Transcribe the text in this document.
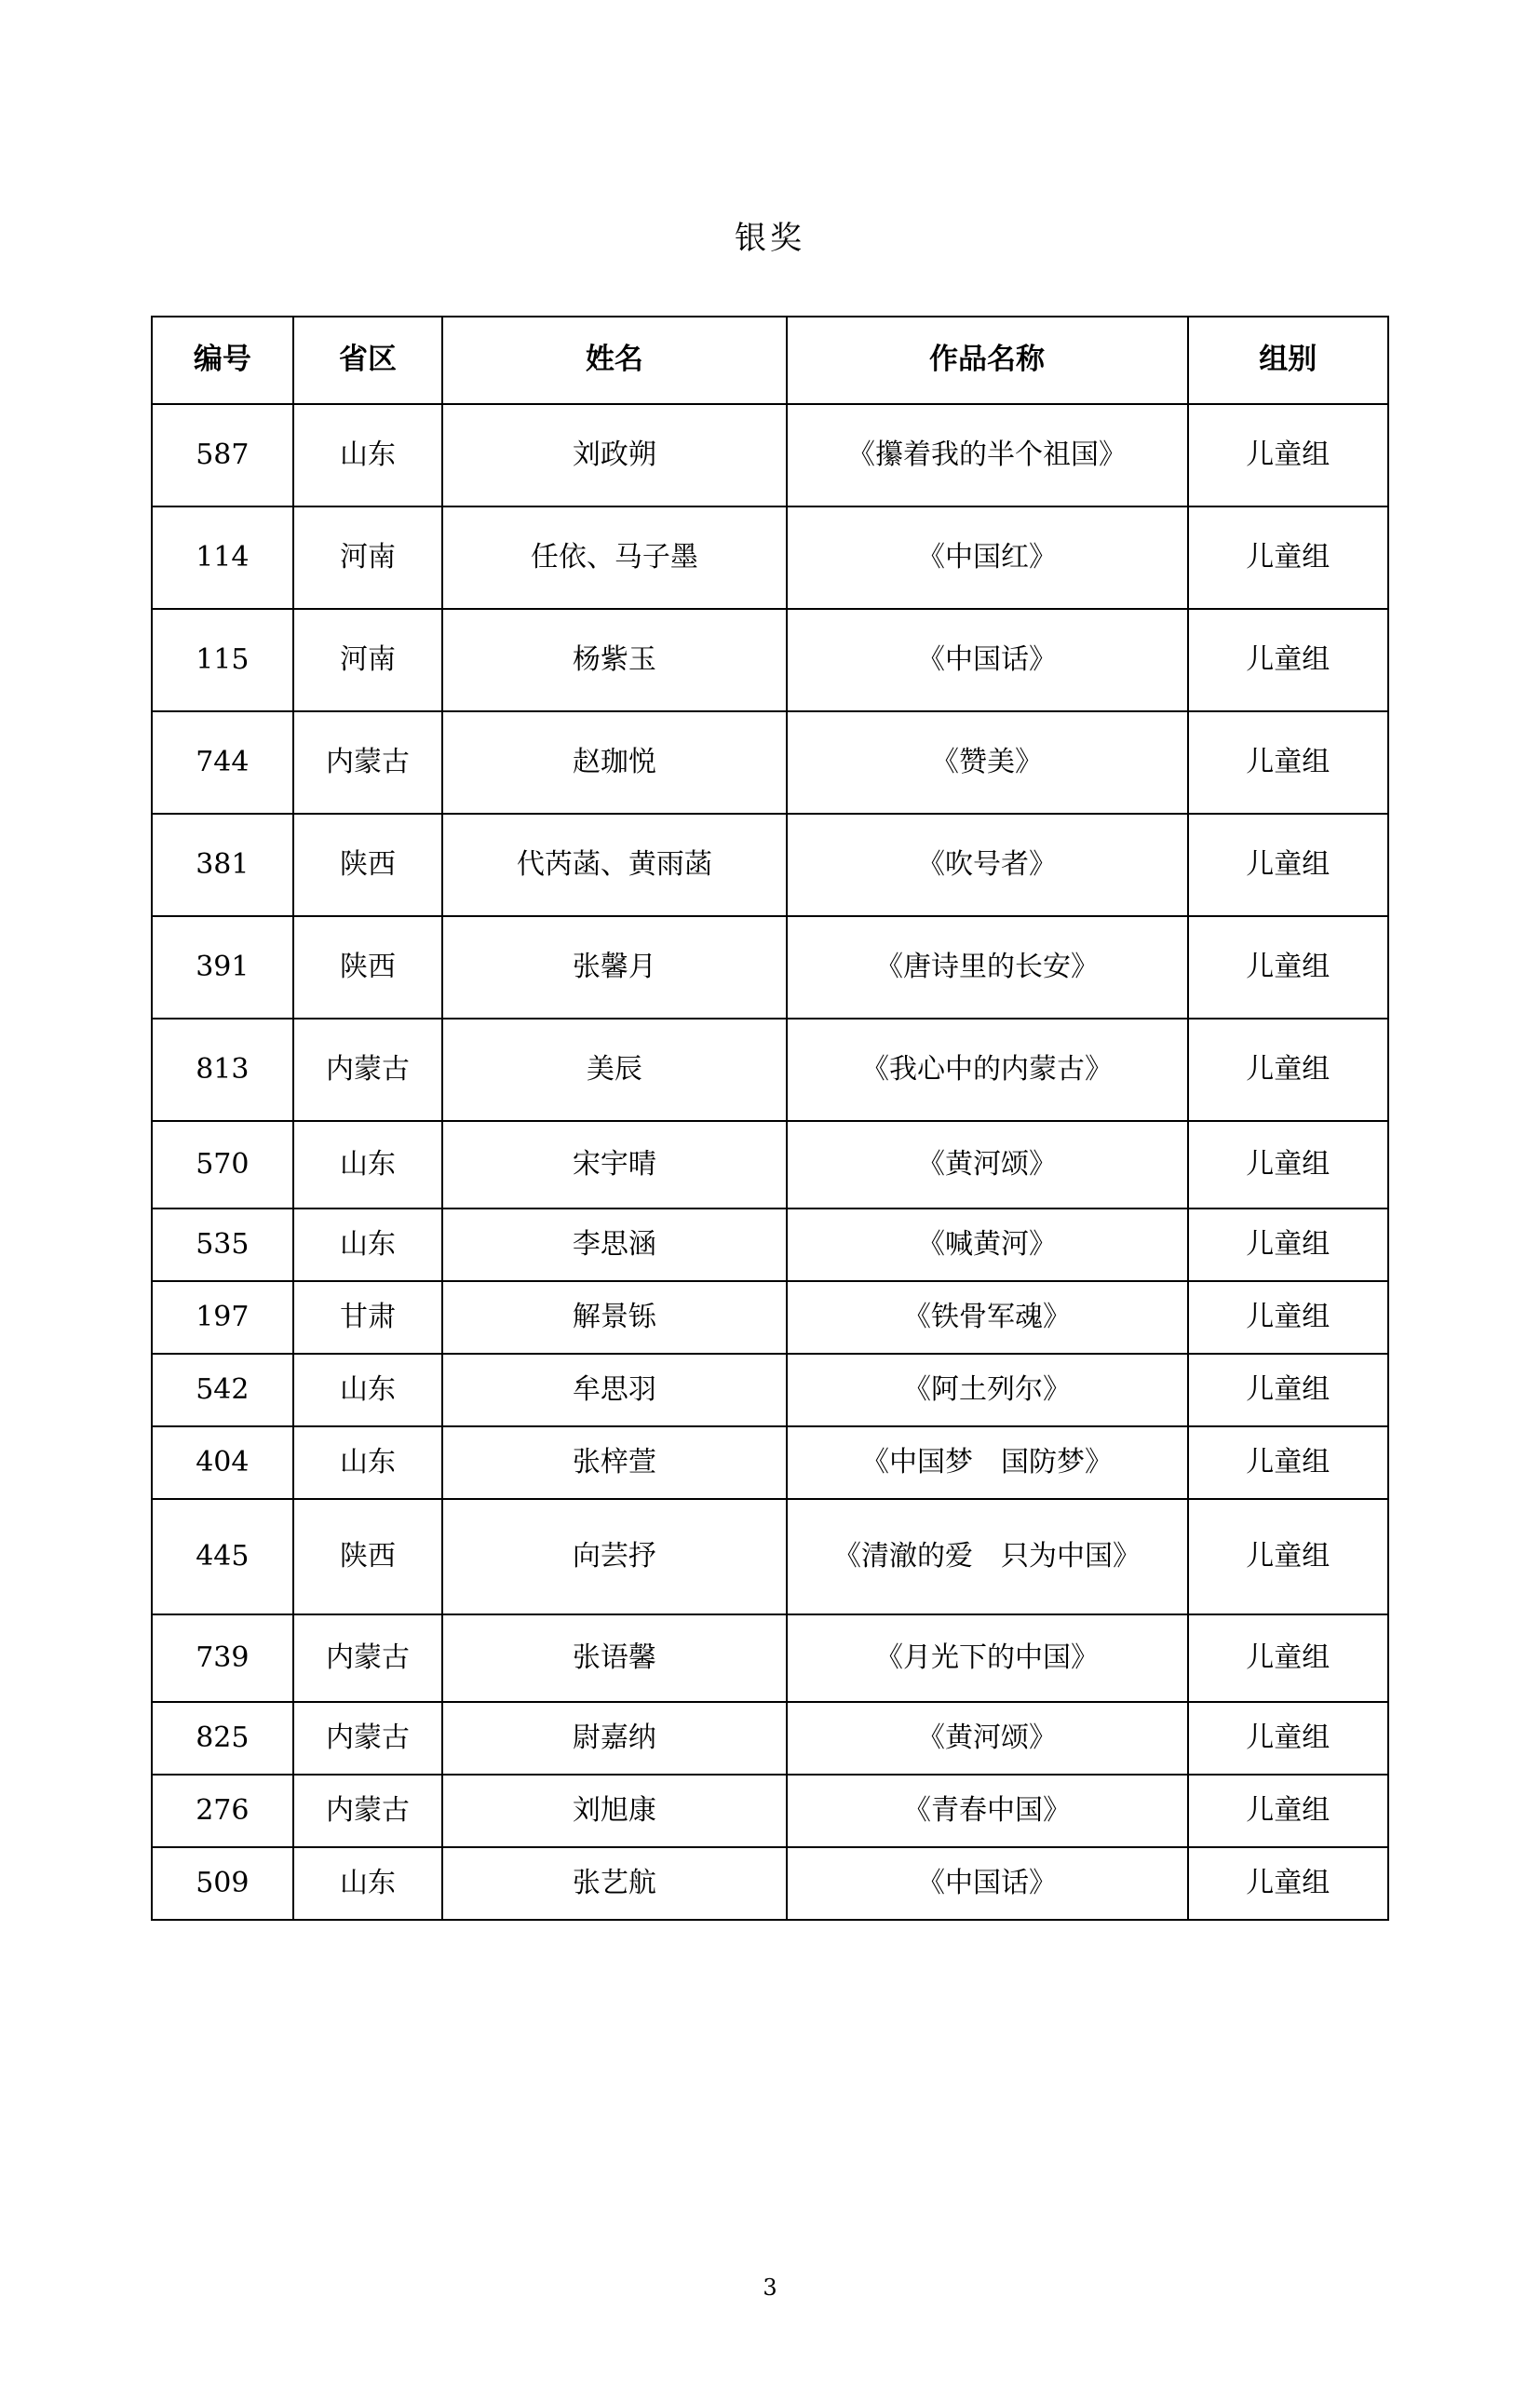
银奖
编号	省区	姓名	作品名称	组别
587	山东	刘政朔	《攥着我的半个祖国》	儿童组
114	河南	任依、马子墨	《中国红》	儿童组
115	河南	杨紫玉	《中国话》	儿童组
744	内蒙古	赵珈悦	《赞美》	儿童组
381	陕西	代芮菡、黄雨菡	《吹号者》	儿童组
391	陕西	张馨月	《唐诗里的长安》	儿童组
813	内蒙古	美辰	《我心中的内蒙古》	儿童组
570	山东	宋宇晴	《黄河颂》	儿童组
535	山东	李思涵	《喊黄河》	儿童组
197	甘肃	解景铄	《铁骨军魂》	儿童组
542	山东	牟思羽	《阿土列尔》	儿童组
404	山东	张梓萱	《中国梦　国防梦》	儿童组
445	陕西	向芸抒	《清澈的爱　只为中国》	儿童组
739	内蒙古	张语馨	《月光下的中国》	儿童组
825	内蒙古	尉嘉纳	《黄河颂》	儿童组
276	内蒙古	刘旭康	《青春中国》	儿童组
509	山东	张艺航	《中国话》	儿童组
3
